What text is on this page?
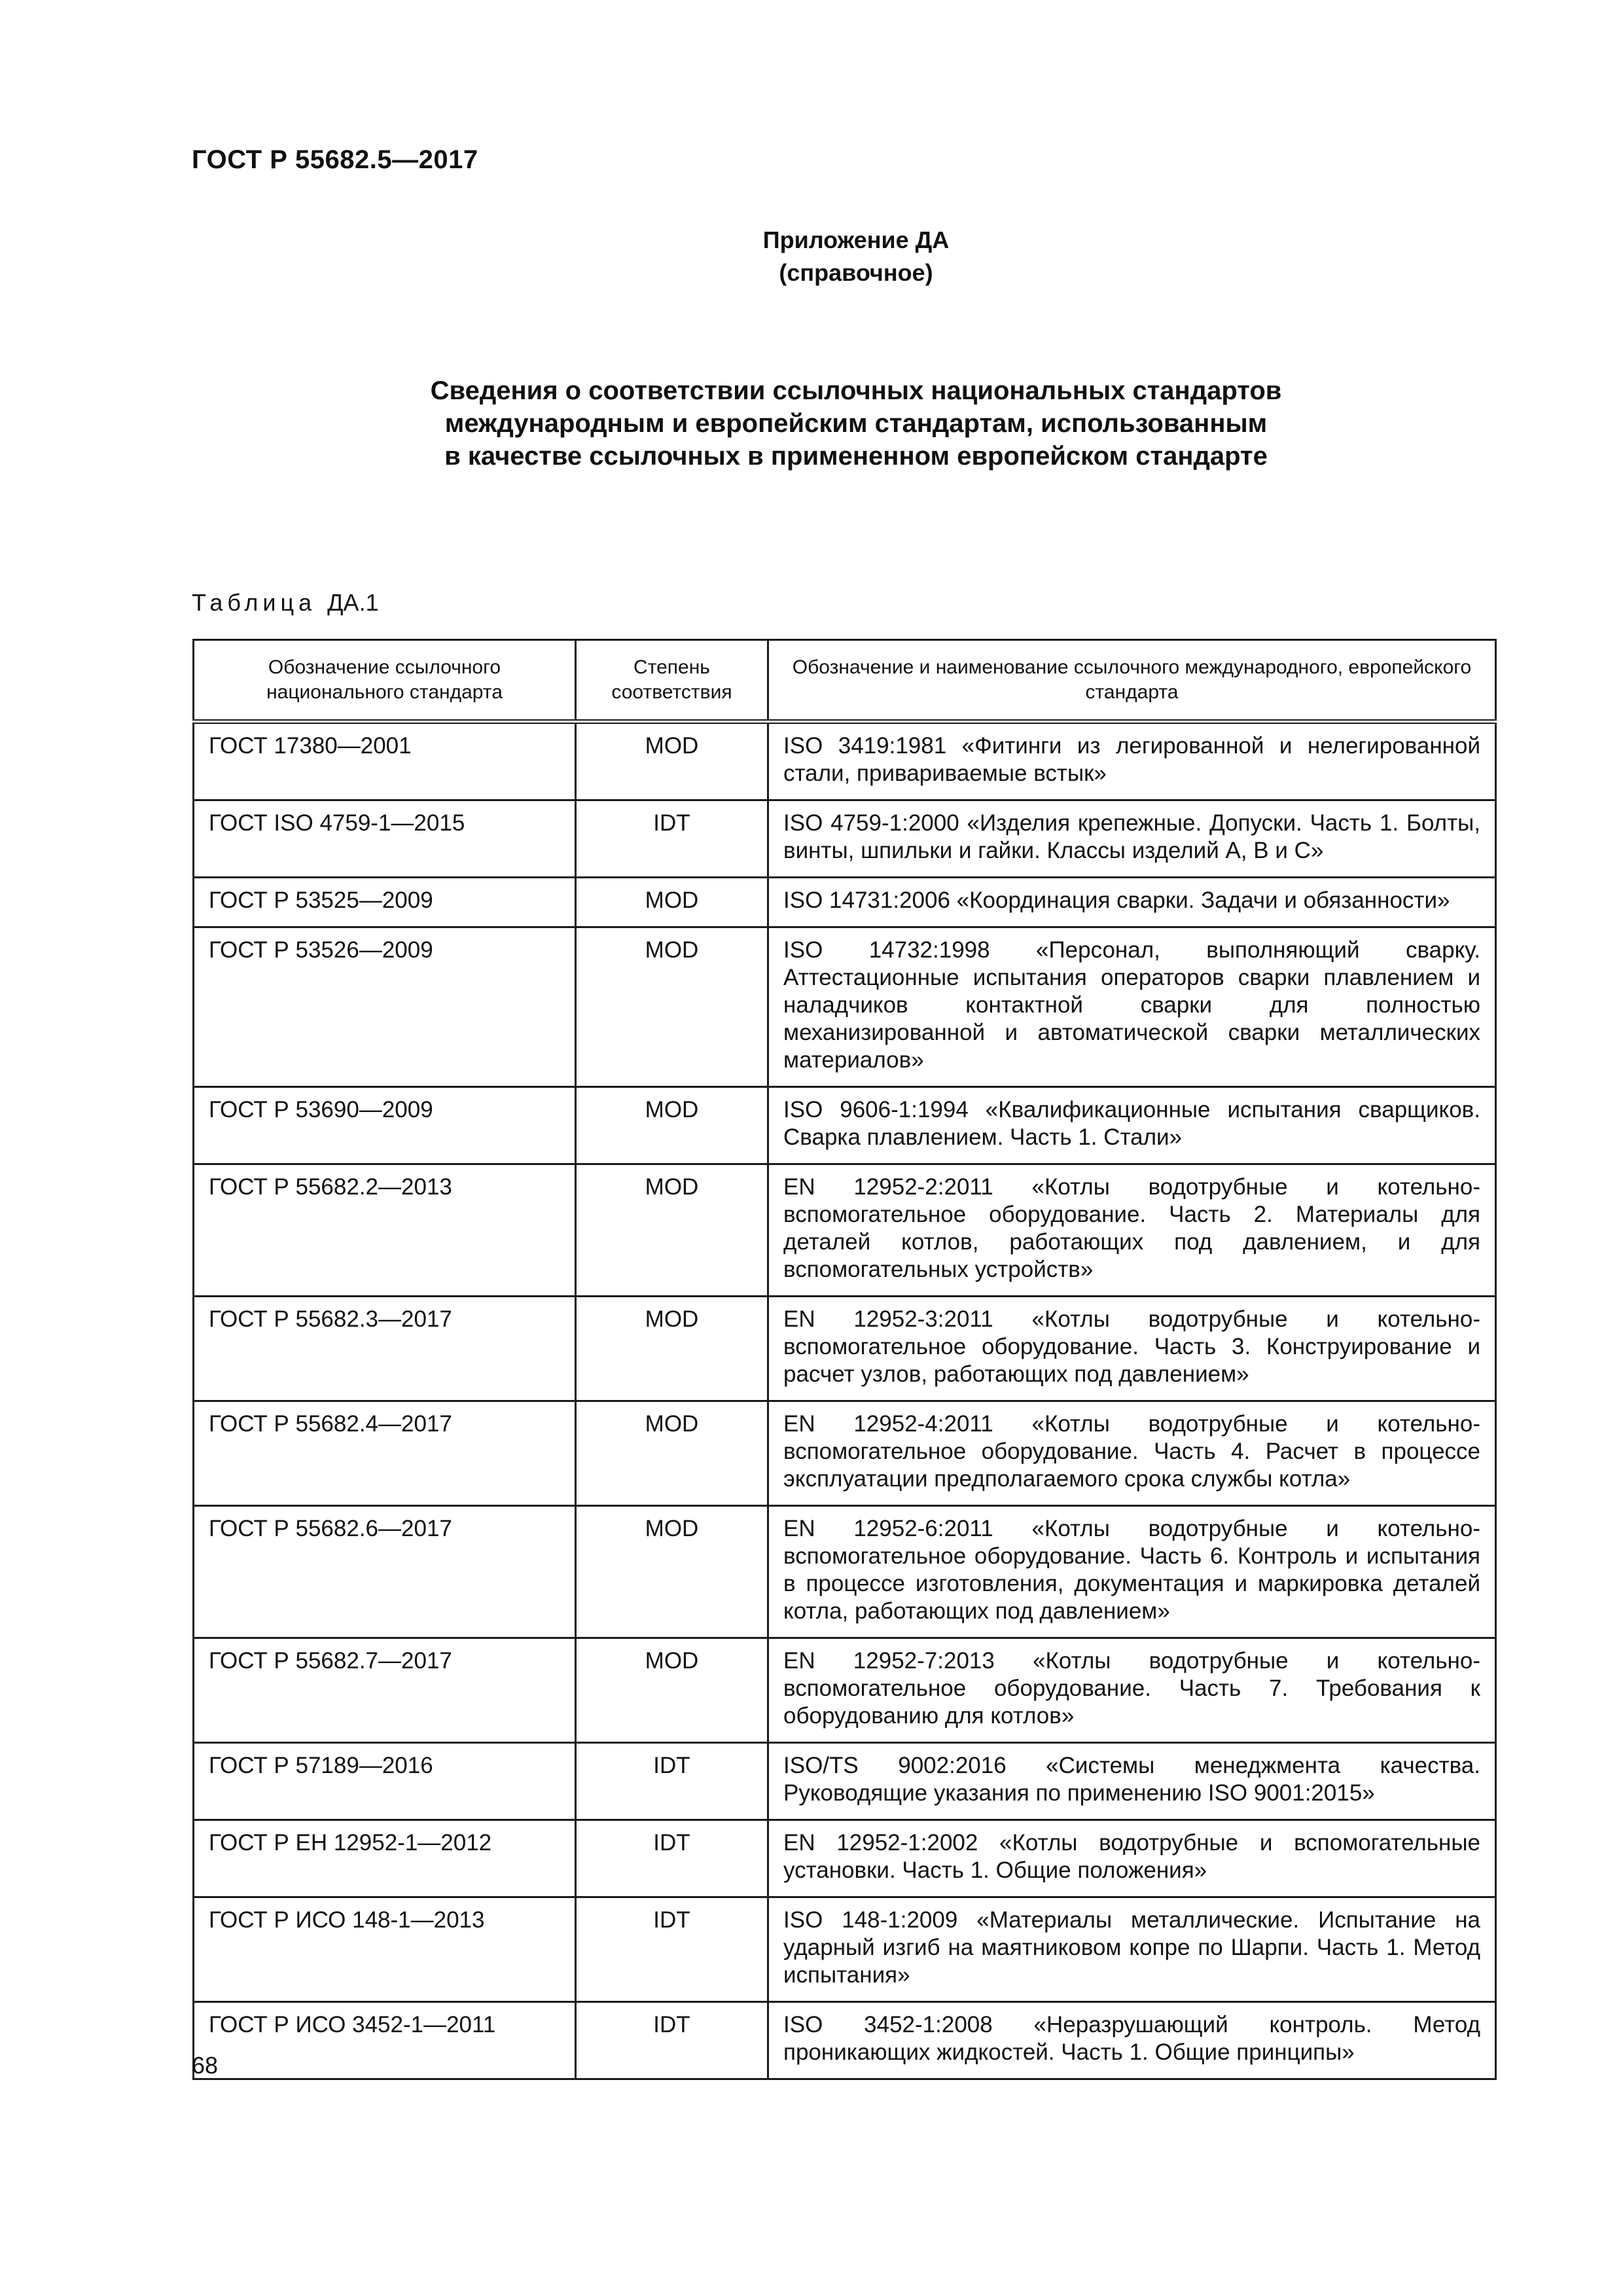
ГОСТ Р 55682.5—2017
Приложение ДА
(справочное)
Сведения о соответствии ссылочных национальных стандартов
международным и европейским стандартам, использованным
в качестве ссылочных в примененном европейском стандарте
Таблица ДА.1
Обозначение ссылочного национального стандарта	Степень соответствия	Обозначение и наименование ссылочного международного, европейского стандарта
ГОСТ 17380—2001	MOD	ISO 3419:1981 «Фитинги из легированной и нелегированной стали, привариваемые встык»
ГОСТ ISO 4759-1—2015	IDT	ISO 4759-1:2000 «Изделия крепежные. Допуски. Часть 1. Болты, винты, шпильки и гайки. Классы изделий А, В и С»
ГОСТ Р 53525—2009	MOD	ISO 14731:2006 «Координация сварки. Задачи и обязанности»
ГОСТ Р 53526—2009	MOD	ISO 14732:1998 «Персонал, выполняющий сварку. Аттестационные испытания операторов сварки плавлением и наладчиков контактной сварки для полностью механизированной и автоматической сварки металлических материалов»
ГОСТ Р 53690—2009	MOD	ISO 9606-1:1994 «Квалификационные испытания сварщиков. Сварка плавлением. Часть 1. Стали»
ГОСТ Р 55682.2—2013	MOD	EN 12952-2:2011 «Котлы водотрубные и котельно-вспомогательное оборудование. Часть 2. Материалы для деталей котлов, работающих под давлением, и для вспомогательных устройств»
ГОСТ Р 55682.3—2017	MOD	EN 12952-3:2011 «Котлы водотрубные и котельно-вспомогательное оборудование. Часть 3. Конструирование и расчет узлов, работающих под давлением»
ГОСТ Р 55682.4—2017	MOD	EN 12952-4:2011 «Котлы водотрубные и котельно-вспомогательное оборудование. Часть 4. Расчет в процессе эксплуатации предполагаемого срока службы котла»
ГОСТ Р 55682.6—2017	MOD	EN 12952-6:2011 «Котлы водотрубные и котельно-вспомогательное оборудование. Часть 6. Контроль и испытания в процессе изготовления, документация и маркировка деталей котла, работающих под давлением»
ГОСТ Р 55682.7—2017	MOD	EN 12952-7:2013 «Котлы водотрубные и котельно-вспомогательное оборудование. Часть 7. Требования к оборудованию для котлов»
ГОСТ Р 57189—2016	IDT	ISO/TS 9002:2016 «Системы менеджмента качества. Руководящие указания по применению ISO 9001:2015»
ГОСТ Р ЕН 12952-1—2012	IDT	EN 12952-1:2002 «Котлы водотрубные и вспомогательные установки. Часть 1. Общие положения»
ГОСТ Р ИСО 148-1—2013	IDT	ISO 148-1:2009 «Материалы металлические. Испытание на ударный изгиб на маятниковом копре по Шарпи. Часть 1. Метод испытания»
ГОСТ Р ИСО 3452-1—2011	IDT	ISO 3452-1:2008 «Неразрушающий контроль. Метод проникающих жидкостей. Часть 1. Общие принципы»
68
